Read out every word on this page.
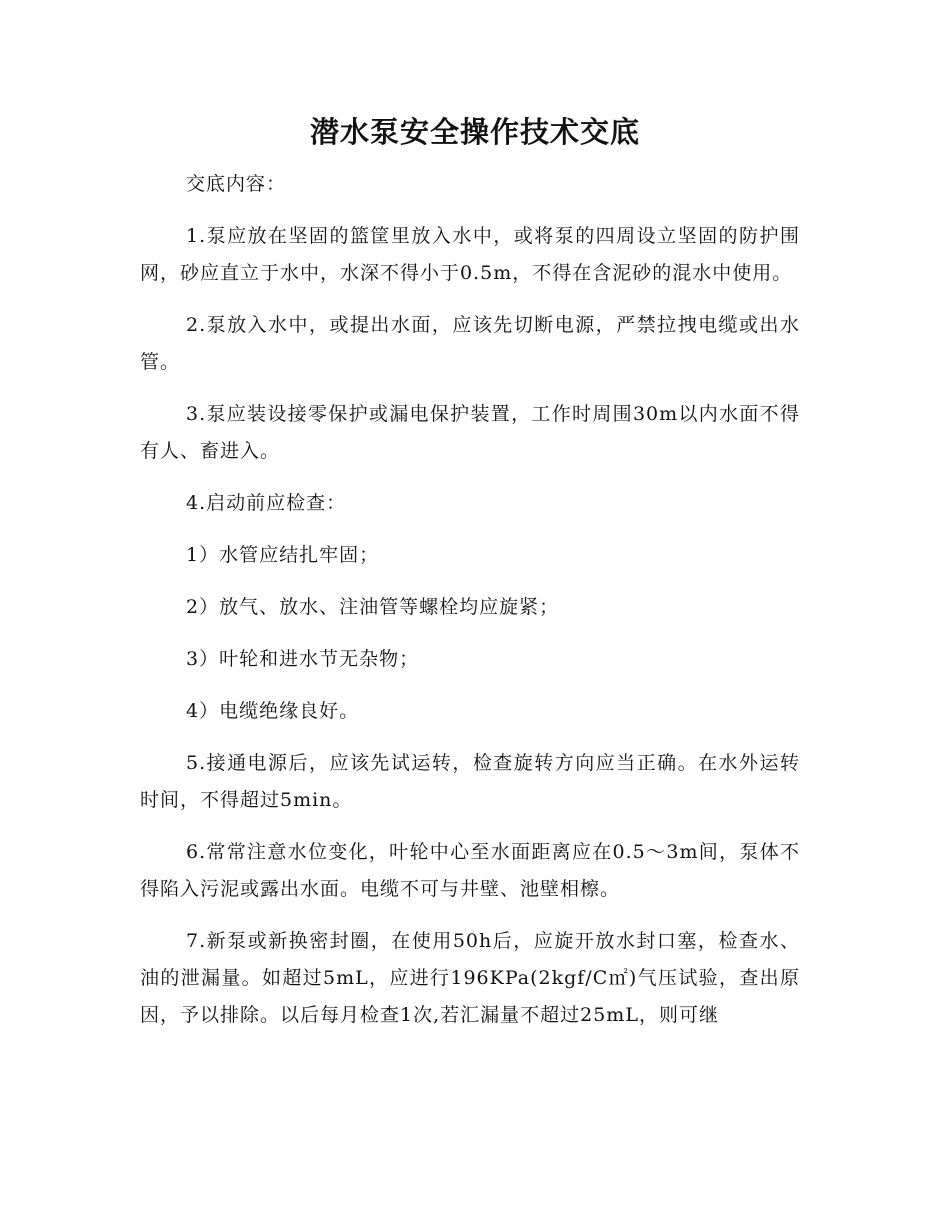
潜水泵安全操作技术交底

交底内容：

1.泵应放在坚固的篮筐里放入水中，或将泵的四周设立坚固的防护围网，砂应直立于水中，水深不得小于0.5m，不得在含泥砂的混水中使用。

2.泵放入水中，或提出水面，应该先切断电源，严禁拉拽电缆或出水管。

3.泵应装设接零保护或漏电保护装置，工作时周围30m以内水面不得有人、畜进入。

4.启动前应检查：

1）水管应结扎牢固；

2）放气、放水、注油管等螺栓均应旋紧；

3）叶轮和进水节无杂物；

4）电缆绝缘良好。

5.接通电源后，应该先试运转，检查旋转方向应当正确。在水外运转时间，不得超过5min。

6.常常注意水位变化，叶轮中心至水面距离应在0.5～3m间，泵体不得陷入污泥或露出水面。电缆不可与井壁、池壁相檫。

7.新泵或新换密封圈，在使用50h后，应旋开放水封口塞，检查水、油的泄漏量。如超过5mL，应进行196KPa(2kgf/C㎡)气压试验，查出原因，予以排除。以后每月检查1次,若汇漏量不超过25mL，则可继
